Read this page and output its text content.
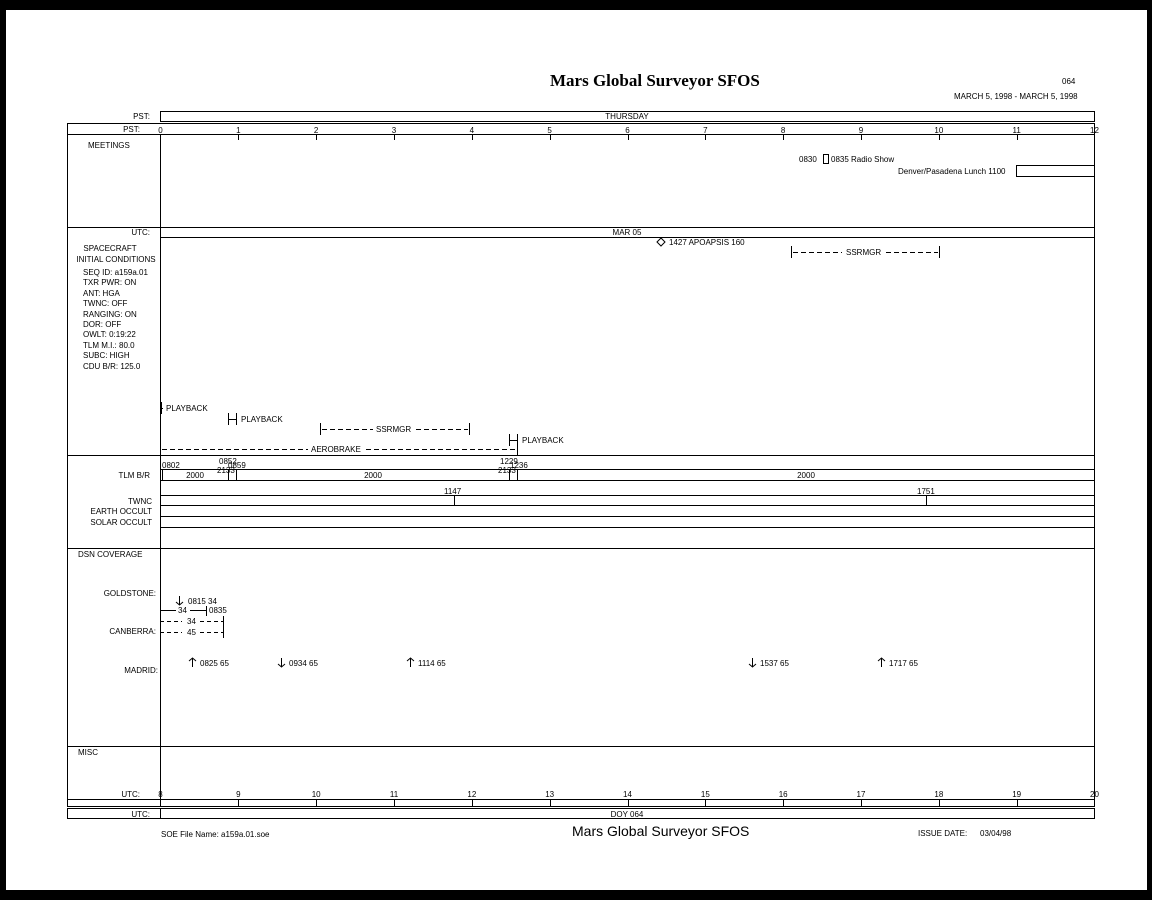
Mars Global Surveyor SFOS	064
MARCH 5, 1998 - MARCH 5, 1998
PST:	THURSDAY
PST: 0	1	2	3	4	5	6	7	8	9	10	11	12
MEETINGS
0830 0835 Radio Show
Denver/Pasadena Lunch 1100
UTC:	MAR 05
SPACECRAFT
INITIAL CONDITIONS
SEQ ID: a159a.01
TXR PWR: ON
ANT: HGA
TWNC: OFF
RANGING: ON
DOR: OFF
OWLT: 0:19:22
TLM M.I.: 80.0
SUBC: HIGH
CDU B/R: 125.0
1427 APOAPSIS 160
SSRMGR
PLAYBACK
PLAYBACK
SSRMGR
PLAYBACK
AEROBRAKE
0802	0852
0859
2133
1229
1236
2133
TLM B/R	2000	2000	2000
1147	1751
TWNC
EARTH OCCULT
SOLAR OCCULT
DSN COVERAGE
GOLDSTONE:
0815 34
34	0835
34
CANBERRA:	45
0825 65	0934 65	1114 65	1537 65	1717 65
MADRID:
MISC
UTC: 8	9	10	11	12	13	14	15	16	17	18	19	20
UTC:	DOY 064
SOE File Name: a159a.01.soe	Mars Global Surveyor SFOS	ISSUE DATE: 03/04/98
